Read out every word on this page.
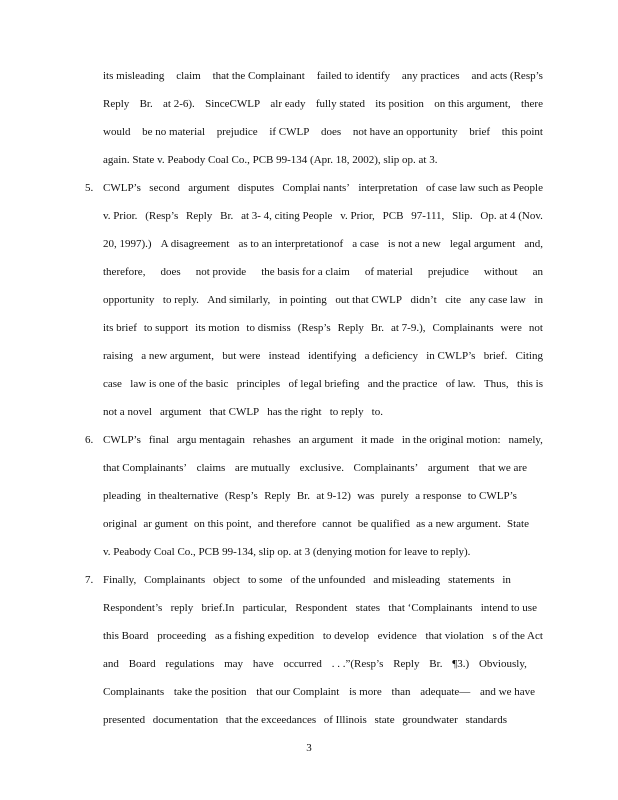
its misleading claim that the Complainant failed to identify any practices and acts (Resp’s
Reply Br. at 2-6). SinceCWLP alr eady fully stated its position on this argument, there
would be no material prejudice if CWLP does not have an opportunity brief this point
again. State v. Peabody Coal Co., PCB 99-134 (Apr. 18, 2002), slip op. at 3.
5. CWLP’s second argument disputes Complai nants’ interpretation of case law such as People
v. Prior. (Resp’s Reply Br. at 3- 4, citing People v. Prior, PCB 97-111, Slip. Op. at 4 (Nov.
20, 1997).) A disagreement as to an interpretationof a case is not a new legal argument and,
therefore, does not provide the basis for a claim of material prejudice without an
opportunity to reply. And similarly, in pointing out that CWLP didn’t cite any case law in
its brief to support its motion to dismiss (Resp’s Reply Br. at 7-9.), Complainants were not
raising a new argument, but were instead identifying a deficiency in CWLP’s brief. Citing
case law is one of the basic principles of legal briefing and the practice of law. Thus, this is
not a novel argument that CWLP has the right to reply to.
6. CWLP’s final argu mentagain rehashes an argument it made in the original motion: namely,
that Complainants’ claims are mutually exclusive. Complainants’ argument that we are
pleading in thealternative (Resp’s Reply Br. at 9-12) was purely a response to CWLP’s
original ar gument on this point, and therefore cannot be qualified as a new argument. State
v. Peabody Coal Co., PCB 99-134, slip op. at 3 (denying motion for leave to reply).
7. Finally, Complainants object to some of the unfounded and misleading statements in
Respondent’s reply brief.In particular, Respondent states that ‘Complainants intend to use
this Board proceeding as a fishing expedition to develop evidence that violation s of the Act
and Board regulations may have occurred . . .”(Resp’s Reply Br. ¶3.) Obviously,
Complainants take the position that our Complaint is more than adequate— and we have
presented documentation that the exceedances of Illinois state groundwater standards
3
